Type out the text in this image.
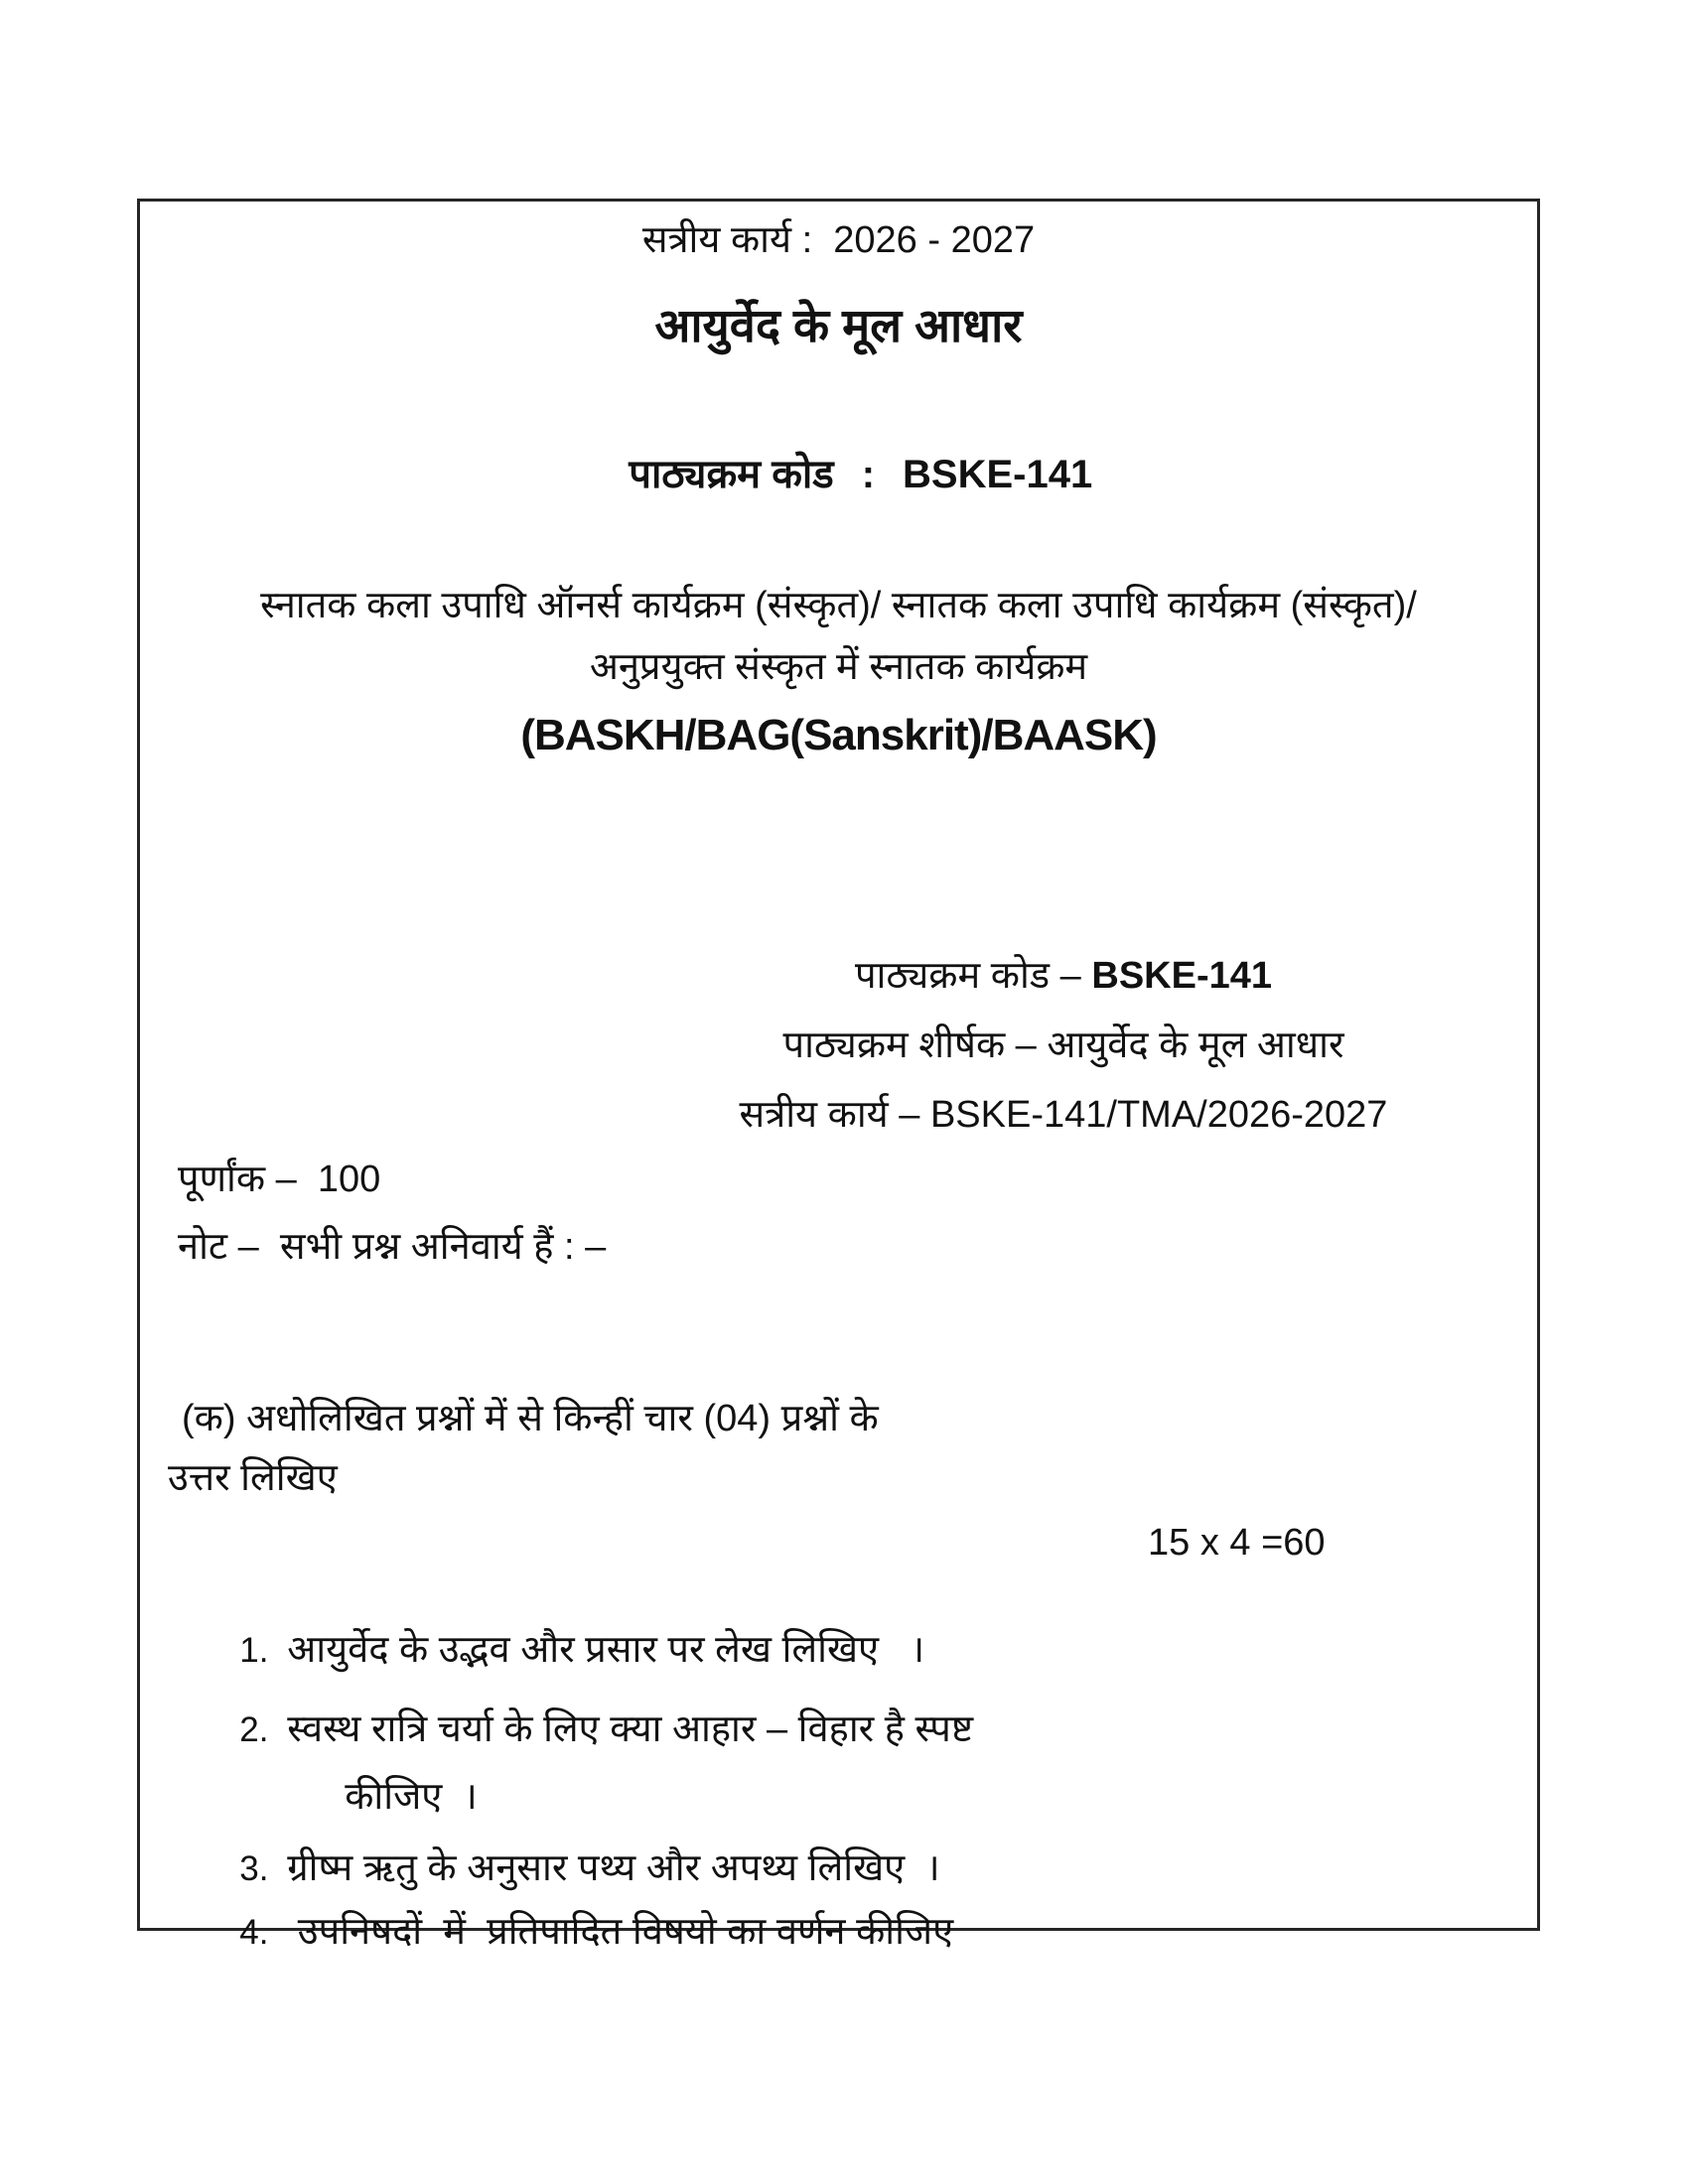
सत्रीय कार्य :  2026 - 2027
आयुर्वेद के मूल आधार

पाठ्यक्रम कोड : BSKE-141

स्नातक कला उपाधि ऑनर्स कार्यक्रम (संस्कृत)/ स्नातक कला उपाधि कार्यक्रम (संस्कृत)/
अनुप्रयुक्त संस्कृत में स्नातक कार्यक्रम
(BASKH/BAG(Sanskrit)/BAASK)
पाठ्यक्रम कोड – BSKE-141
पाठ्यक्रम शीर्षक – आयुर्वेद के मूल आधार
सत्रीय कार्य – BSKE-141/TMA/2026-2027
पूर्णांक –  100
नोट –  सभी प्रश्न अनिवार्य हैं : –
(क) अधोलिखित प्रश्नों में से किन्हीं चार (04) प्रश्नों के
उत्तर लिखिए
15 x 4 =60

1. आयुर्वेद के उद्भव और प्रसार पर लेख लिखिए   ।

2. स्वस्थ रात्रि चर्या के लिए क्या आहार – विहार है स्पष्ट

कीजिए  ।

3. ग्रीष्म ऋतु के अनुसार पथ्य और अपथ्य लिखिए  ।

4. उपनिषदों  में  प्रतिपादित विषयो का वर्णन कीजिए
